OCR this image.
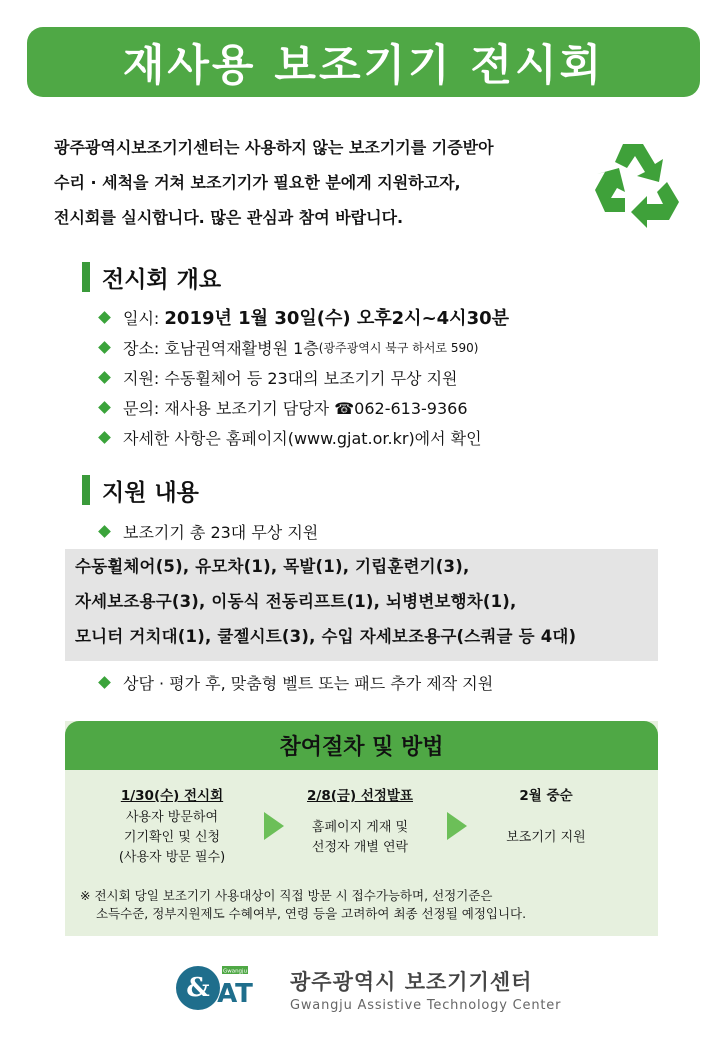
재사용 보조기기 전시회
광주광역시보조기기센터는 사용하지 않는 보조기기를 기증받아
수리 · 세척을 거쳐 보조기기가 필요한 분에게 지원하고자,
전시회를 실시합니다. 많은 관심과 참여 바랍니다.
전시회 개요
일시:
2019년 1월 30일(수) 오후2시~4시30분
장소:
호남권역재활병원 1층 (광주광역시 북구 하서로 590)
지원:
수동휠체어 등 23대의 보조기기 무상 지원
문의:
재사용 보조기기 담당자 ☎062-613-9366
자세한 사항은 홈페이지(www.gjat.or.kr)에서 확인
지원 내용
보조기기 총 23대 무상 지원
수동휠체어(5), 유모차(1), 목발(1), 기립훈련기(3),
자세보조용구(3), 이동식 전동리프트(1), 뇌병변보행차(1),
모니터 거치대(1), 쿨젤시트(3), 수입 자세보조용구(스쿼글 등 4대)
상담 · 평가 후, 맞춤형 벨트 또는 패드 추가 제작 지원
참여절차 및 방법
1/30(수) 전시회
사용자 방문하여
기기확인 및 신청
(사용자 방문 필수)
2/8(금) 선정발표
홈페이지 게재 및
선정자 개별 연락
2월 중순
보조기기 지원
※ 전시회 당일 보조기기 사용대상이 직접 방문 시 접수가능하며, 선정기준은
소득수준, 정부지원제도 수혜여부, 연령 등을 고려하여 최종 선정될 예정입니다.
&
Gwangju
AT 광주광역시 보조기기센터
Gwangju Assistive Technology Center
